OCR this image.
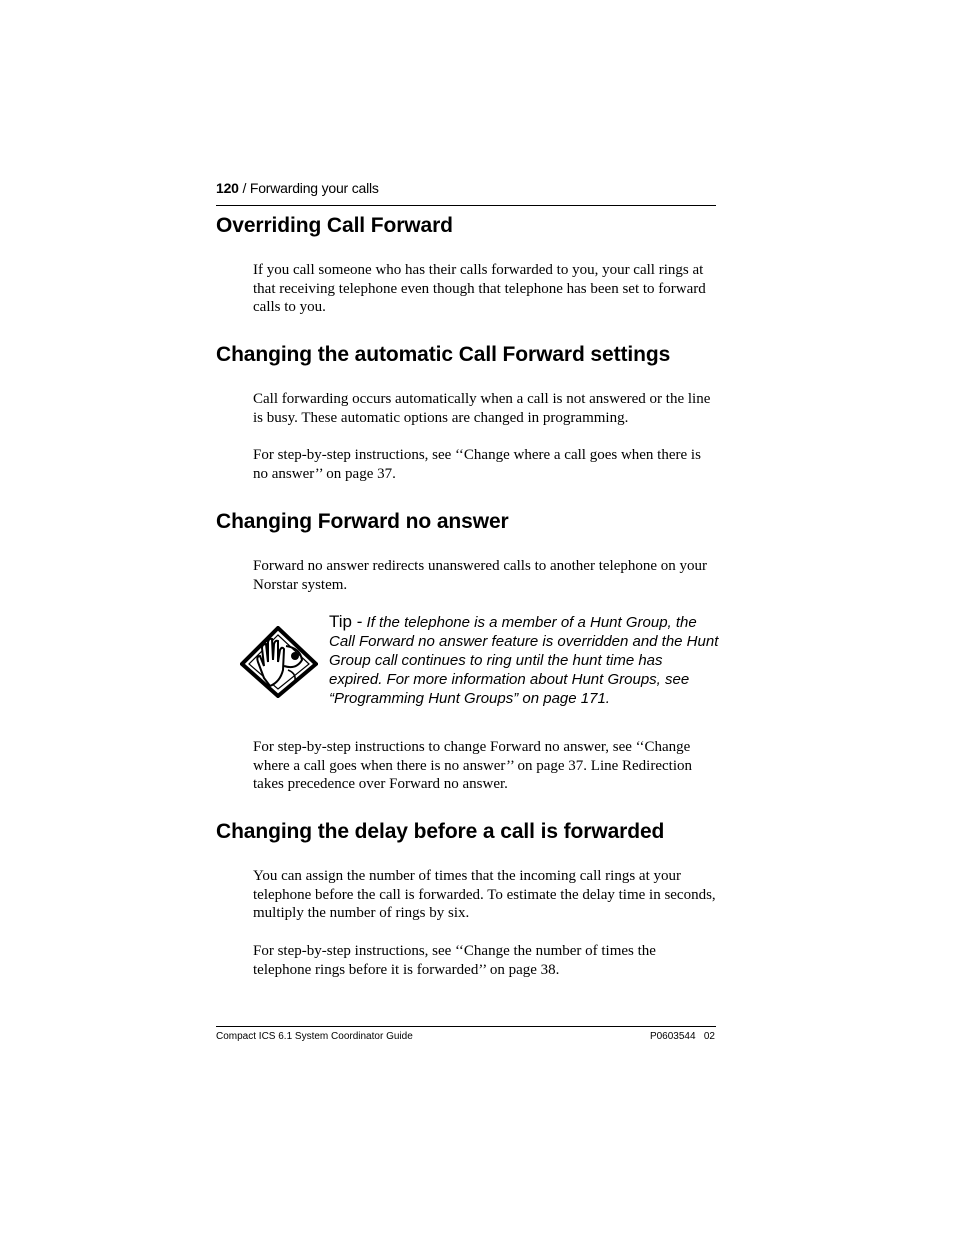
120 / Forwarding your calls
Overriding Call Forward

If you call someone who has their calls forwarded to you, your call rings at that receiving telephone even though that telephone has been set to forward calls to you.

Changing the automatic Call Forward settings

Call forwarding occurs automatically when a call is not answered or the line is busy. These automatic options are changed in programming.

For step-by-step instructions, see ‘‘Change where a call goes when there is no answer’’ on page 37.

Changing Forward no answer

Forward no answer redirects unanswered calls to another telephone on your Norstar system.

Tip - If the telephone is a member of a Hunt Group, the Call Forward no answer feature is overridden and the Hunt Group call continues to ring until the hunt time has expired. For more information about Hunt Groups, see “Programming Hunt Groups” on page 171.

For step-by-step instructions to change Forward no answer, see ‘‘Change where a call goes when there is no answer’’ on page 37. Line Redirection takes precedence over Forward no answer.

Changing the delay before a call is forwarded

You can assign the number of times that the incoming call rings at your telephone before the call is forwarded. To estimate the delay time in seconds, multiply the number of rings by six.

For step-by-step instructions, see ‘‘Change the number of times the telephone rings before it is forwarded’’ on page 38.

Compact ICS 6.1 System Coordinator Guide	P0603544   02
